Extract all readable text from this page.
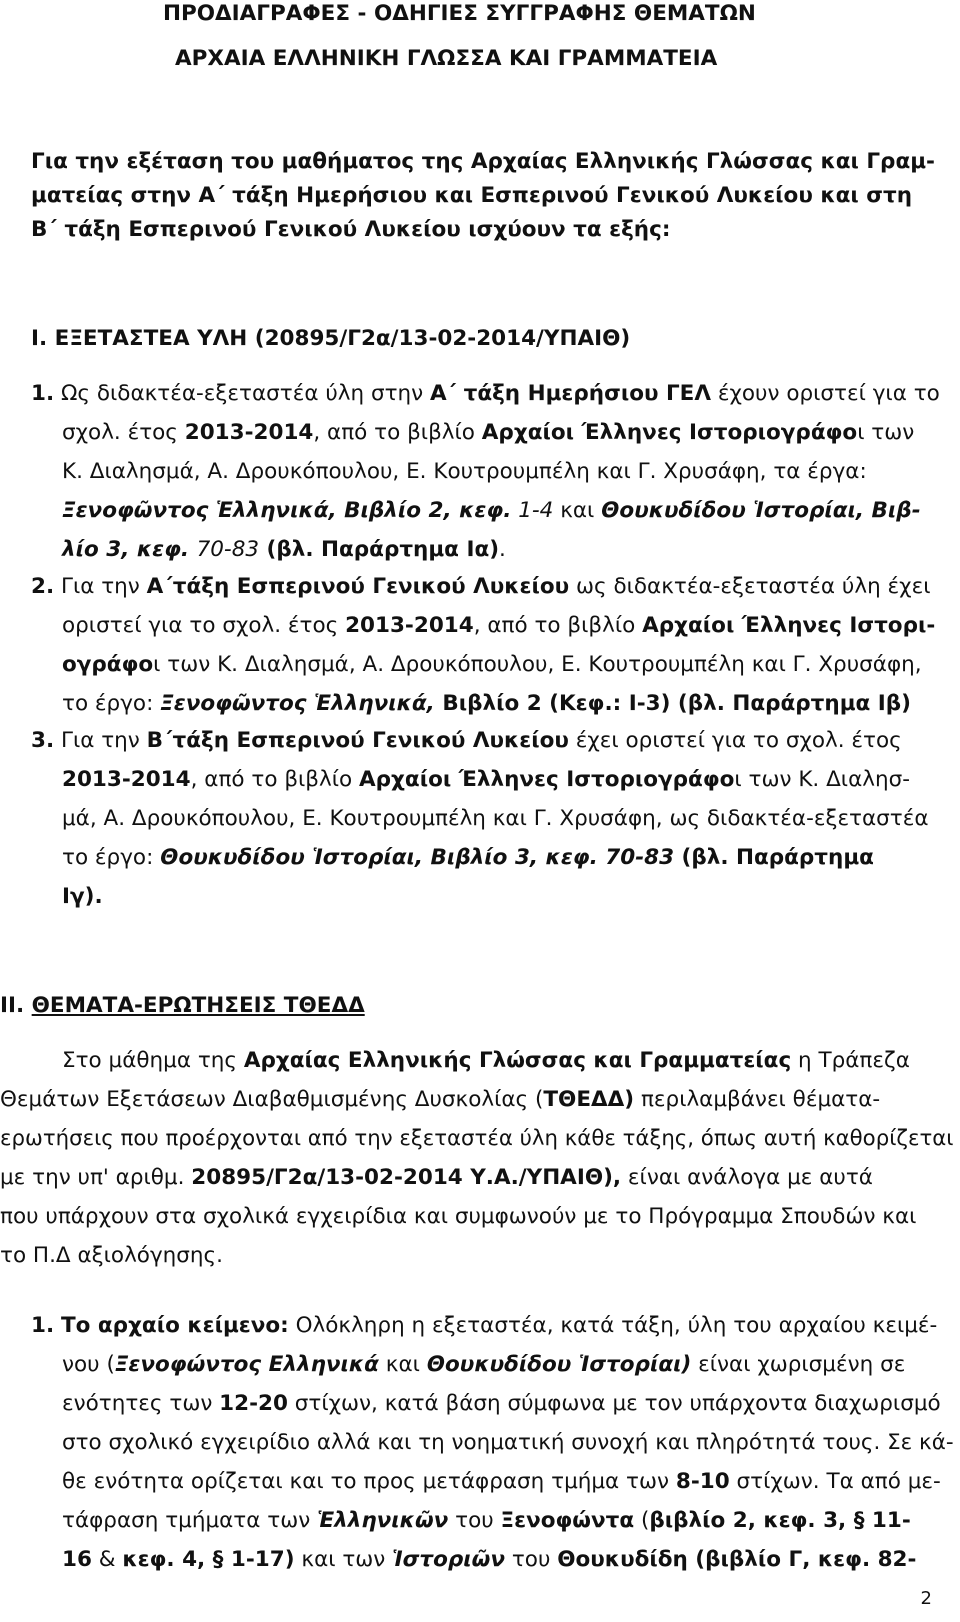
ΠΡΟΔΙΑΓΡΑΦΕΣ - ΟΔΗΓΙΕΣ ΣΥΓΓΡΑΦΗΣ ΘΕΜΑΤΩΝ
ΑΡΧΑΙΑ ΕΛΛΗΝΙΚΗ ΓΛΩΣΣΑ ΚΑΙ ΓΡΑΜΜΑΤΕΙΑ
Για την εξέταση του μαθήματος της Αρχαίας Ελληνικής Γλώσσας και Γραμ-
ματείας στην Α΄ τάξη Ημερήσιου και Εσπερινού Γενικού Λυκείου και στη
Β΄ τάξη Εσπερινού Γενικού Λυκείου ισχύουν τα εξής:
Ι. ΕΞΕΤΑΣΤΕΑ ΥΛΗ (20895/Γ2α/13-02-2014/ΥΠΑΙΘ)
1. Ως διδακτέα-εξεταστέα ύλη στην Α΄ τάξη Ημερήσιου ΓΕΛ έχουν οριστεί για το
σχολ. έτος 2013-2014, από το βιβλίο Αρχαίοι Έλληνες Ιστοριογράφοι των
Κ. Διαλησμά, Α. Δρουκόπουλου, Ε. Κουτρουμπέλη και Γ. Χρυσάφη, τα έργα:
Ξενοφῶντος Ἑλληνικά, Βιβλίο 2, κεφ. 1-4 και Θουκυδίδου Ἱστορίαι, Βιβ-
λίο 3, κεφ. 70-83 (βλ. Παράρτημα Ια).
2. Για την Α΄τάξη Εσπερινού Γενικού Λυκείου ως διδακτέα-εξεταστέα ύλη έχει
οριστεί για το σχολ. έτος 2013-2014, από το βιβλίο Αρχαίοι Έλληνες Ιστορι-
ογράφοι των Κ. Διαλησμά, Α. Δρουκόπουλου, Ε. Κουτρουμπέλη και Γ. Χρυσάφη,
το έργο: Ξενοφῶντος Ἑλληνικά, Βιβλίο 2 (Κεφ.: Ι-3) (βλ. Παράρτημα Ιβ)
3. Για την Β΄τάξη Εσπερινού Γενικού Λυκείου έχει οριστεί για το σχολ. έτος
2013-2014, από το βιβλίο Αρχαίοι Έλληνες Ιστοριογράφοι των Κ. Διαλησ-
μά, Α. Δρουκόπουλου, Ε. Κουτρουμπέλη και Γ. Χρυσάφη, ως διδακτέα-εξεταστέα
το έργο: Θουκυδίδου Ἱστορίαι, Βιβλίο 3, κεφ. 70-83 (βλ. Παράρτημα
Ιγ).
ΙΙ. ΘΕΜΑΤΑ-ΕΡΩΤΗΣΕΙΣ ΤΘΕΔΔ
Στο μάθημα της Αρχαίας Ελληνικής Γλώσσας και Γραμματείας η Τράπεζα
Θεμάτων Εξετάσεων Διαβαθμισμένης Δυσκολίας (ΤΘΕΔΔ) περιλαμβάνει θέματα-
ερωτήσεις που προέρχονται από την εξεταστέα ύλη κάθε τάξης, όπως αυτή καθορίζεται
με την υπ' αριθμ. 20895/Γ2α/13-02-2014 Υ.Α./ΥΠΑΙΘ), είναι ανάλογα με αυτά
που υπάρχουν στα σχολικά εγχειρίδια και συμφωνούν με το Πρόγραμμα Σπουδών και
το Π.Δ αξιολόγησης.
1. Το αρχαίο κείμενο: Ολόκληρη η εξεταστέα, κατά τάξη, ύλη του αρχαίου κειμέ-
νου (Ξενοφώντος Ελληνικά και Θουκυδίδου Ἱστορίαι) είναι χωρισμένη σε
ενότητες των 12-20 στίχων, κατά βάση σύμφωνα με τον υπάρχοντα διαχωρισμό
στο σχολικό εγχειρίδιο αλλά και τη νοηματική συνοχή και πληρότητά τους. Σε κά-
θε ενότητα ορίζεται και το προς μετάφραση τμήμα των 8-10 στίχων. Τα από με-
τάφραση τμήματα των Ἑλληνικῶν του Ξενοφώντα (βιβλίο 2, κεφ. 3, § 11-
16 & κεφ. 4, § 1-17) και των Ἱστοριῶν του Θουκυδίδη (βιβλίο Γ, κεφ. 82-
2
